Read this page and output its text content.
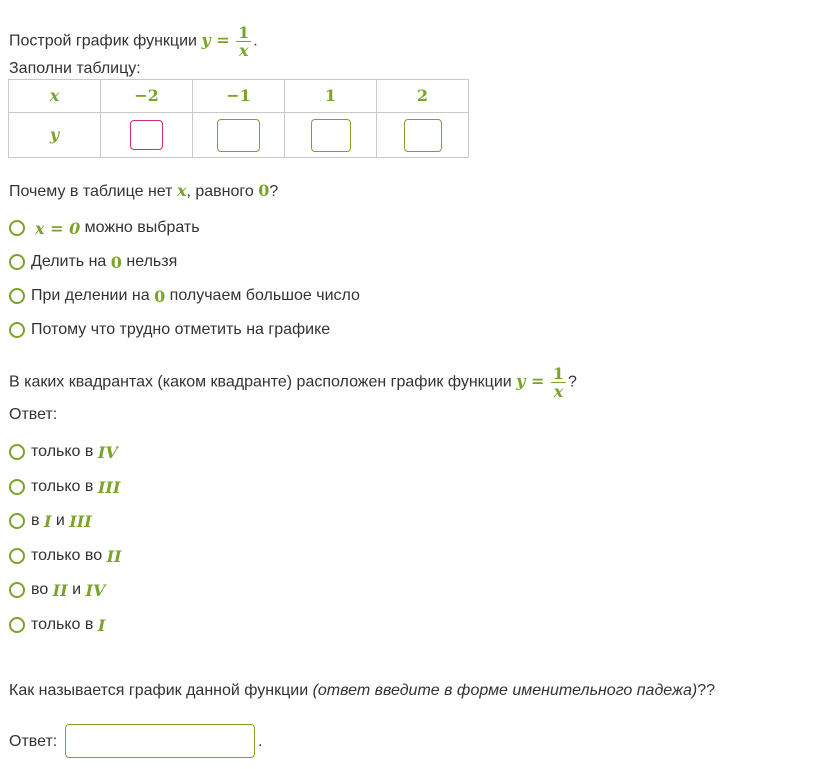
Построй график функции $y = \frac{1}{x}$ .
Заполни таблицу:
x	−2	−1	1	2
y				
Почему в таблице нет x, равного 0?
x = 0
можно выбрать
Делить на
0
нельзя
При делении на
0
получаем большое число
Потому что трудно отметить на графике
В каких квадрантах (каком квадранте) расположен график функции $y = \frac{1}{x}$ ?
Ответ:
только в
IV
только в
III
в
I
и
III
только во
II
во
II
и
IV
только в
I
Как называется график данной функции (ответ введите в форме именительного падежа)??
Ответ:	.
